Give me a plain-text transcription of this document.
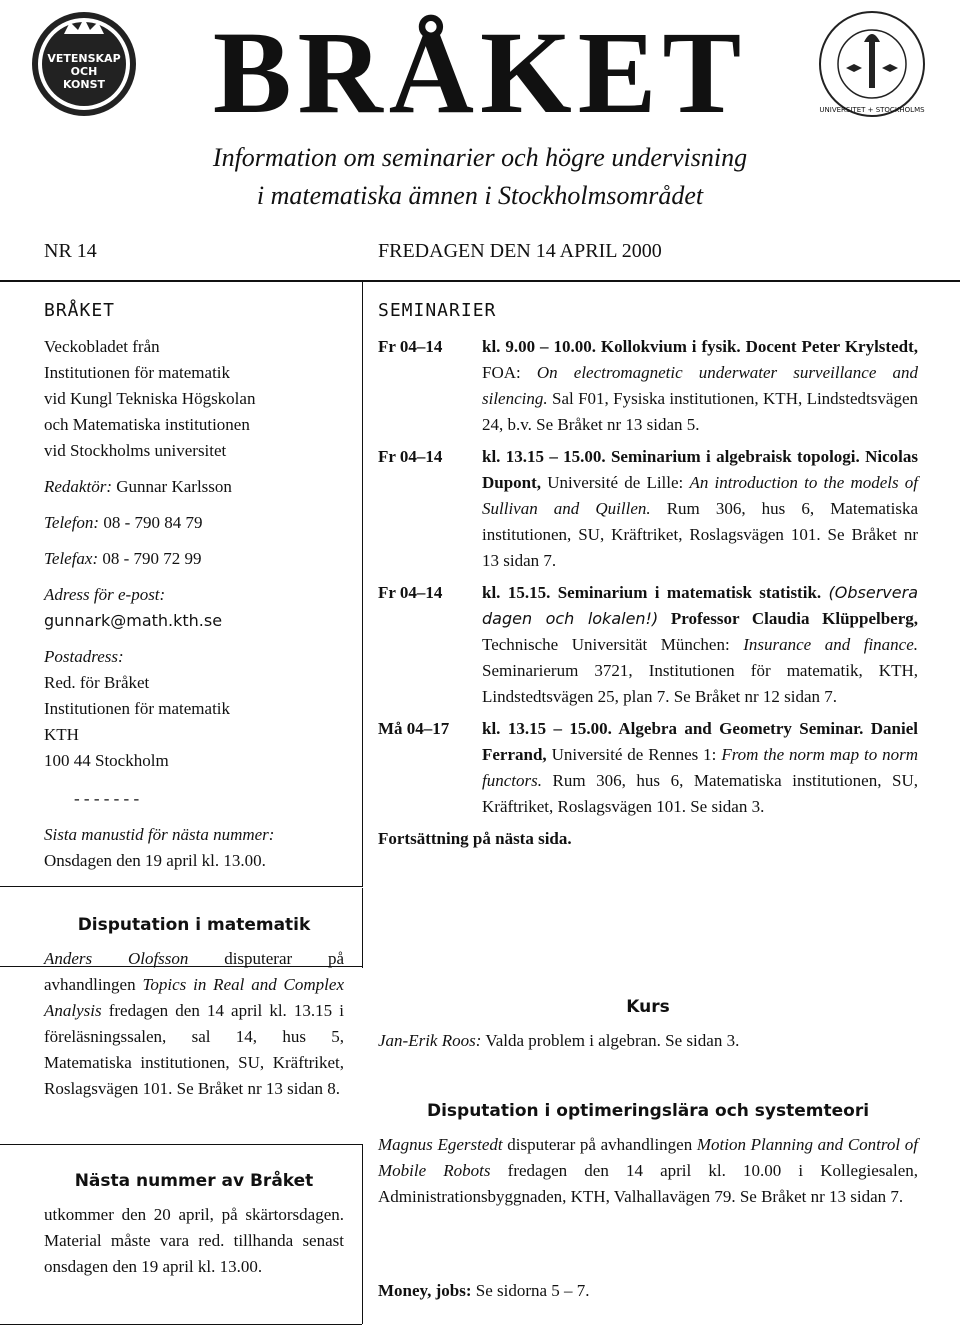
VETENSKAP
OCH
KONST BRÅKET	UNIVERSITET + STOCKHOLMS
Information om seminarier och högre undervisning
i matematiska ämnen i Stockholmsområdet
NR 14	FREDAGEN DEN 14 APRIL 2000
BRÅKET
Veckobladet från
Institutionen för matematik
vid Kungl Tekniska Högskolan
och Matematiska institutionen
vid Stockholms universitet
Redaktör: Gunnar Karlsson
Telefon: 08 - 790 84 79
Telefax: 08 - 790 72 99
Adress för e-post:
gunnark@math.kth.se
Postadress:
Red. för Bråket
Institutionen för matematik
KTH
100 44 Stockholm
- - - - - - -
Sista manustid för nästa nummer:
Onsdagen den 19 april kl. 13.00.
Disputation i matematik
Anders Olofsson disputerar på avhandlingen Topics in Real and Complex Analysis fredagen den 14 april kl. 13.15 i föreläsningssalen, sal 14, hus 5, Matematiska institutionen, SU, Kräftriket, Roslagsvägen 101. Se Bråket nr 13 sidan 8.
Nästa nummer av Bråket
utkommer den 20 april, på skärtorsdagen. Material måste vara red. tillhanda senast onsdagen den 19 april kl. 13.00.
SEMINARIER
Fr 04–14	kl. 9.00 – 10.00. Kollokvium i fysik. Docent Peter Krylstedt, FOA: On electromagnetic underwater surveillance and silencing. Sal F01, Fysiska institutionen, KTH, Lindstedtsvägen 24, b.v. Se Bråket nr 13 sidan 5.
Fr 04–14	kl. 13.15 – 15.00. Seminarium i algebraisk topologi. Nicolas Dupont, Université de Lille: An introduction to the models of Sullivan and Quillen. Rum 306, hus 6, Matematiska institutionen, SU, Kräftriket, Roslagsvägen 101. Se Bråket nr 13 sidan 7.
Fr 04–14	kl. 15.15. Seminarium i matematisk statistik. (Observera dagen och lokalen!) Professor Claudia Klüppelberg, Technische Universität München: Insurance and finance. Seminarierum 3721, Institutionen för matematik, KTH, Lindstedtsvägen 25, plan 7. Se Bråket nr 12 sidan 7.
Må 04–17	kl. 13.15 – 15.00. Algebra and Geometry Seminar. Daniel Ferrand, Université de Rennes 1: From the norm map to norm functors. Rum 306, hus 6, Matematiska institutionen, SU, Kräftriket, Roslagsvägen 101. Se sidan 3.
Fortsättning på nästa sida.
Kurs
Jan-Erik Roos: Valda problem i algebran. Se sidan 3.
Disputation i optimeringslära och systemteori
Magnus Egerstedt disputerar på avhandlingen Motion Planning and Control of Mobile Robots fredagen den 14 april kl. 10.00 i Kollegiesalen, Administrationsbyggnaden, KTH, Valhallavägen 79. Se Bråket nr 13 sidan 7.
Money, jobs: Se sidorna 5 – 7.
